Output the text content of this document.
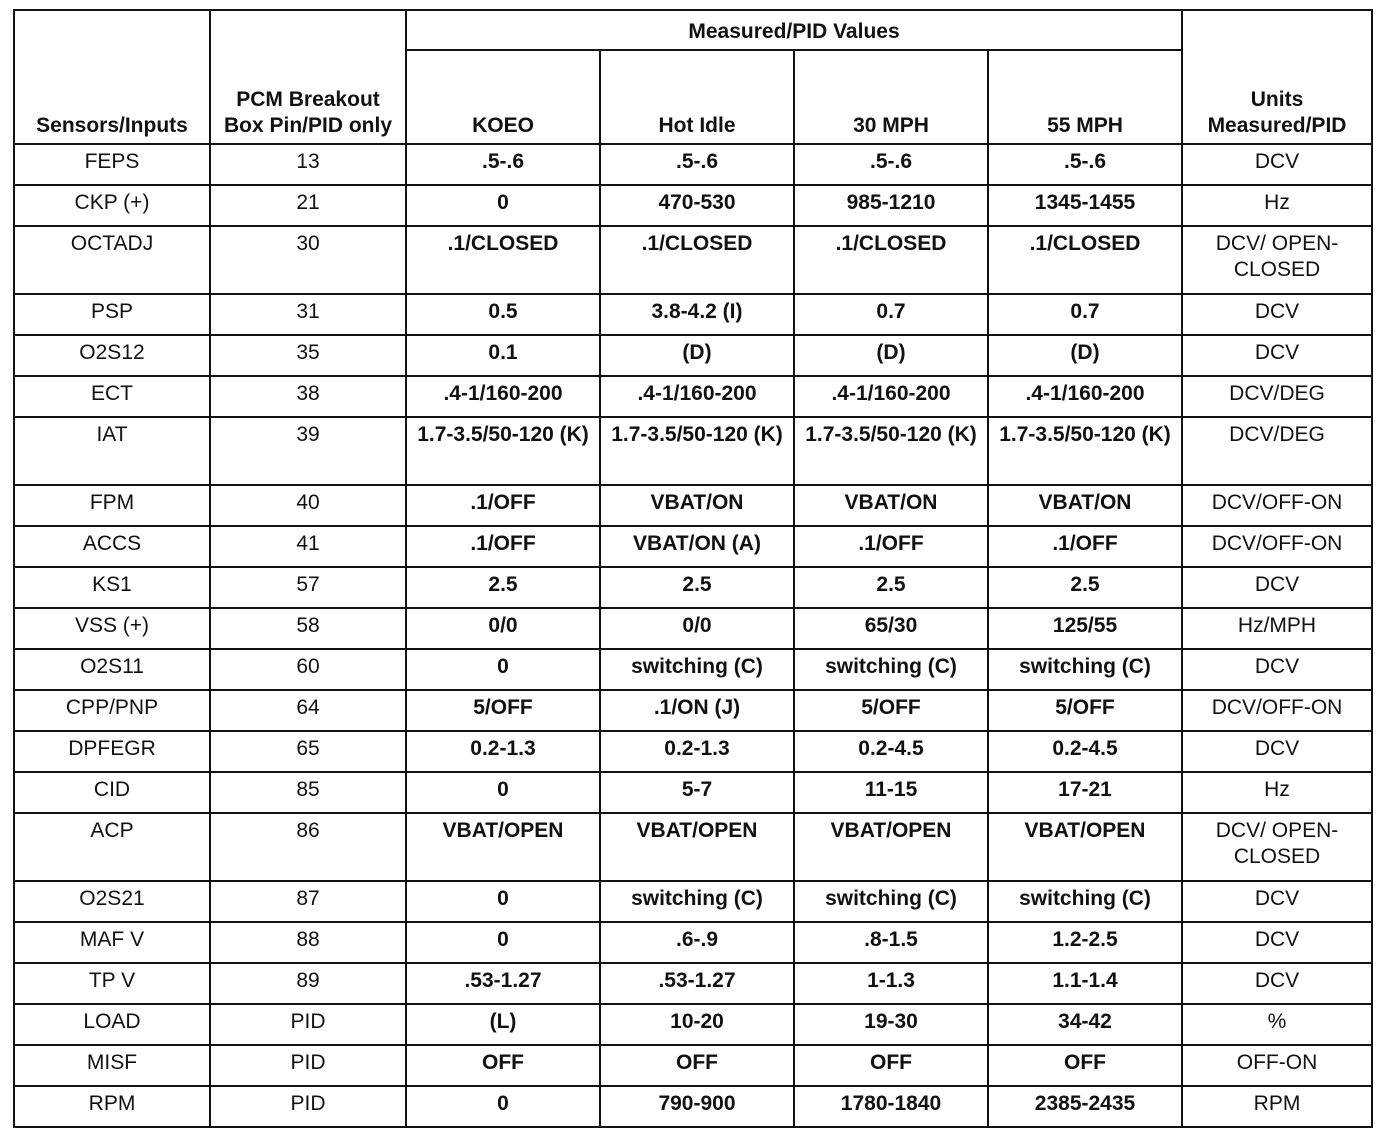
Sensors/Inputs	PCM Breakout Box Pin/PID only	Measured/PID Values				Units Measured/PID
		KOEO	Hot Idle	30 MPH	55 MPH	
FEPS	13	.5-.6	.5-.6	.5-.6	.5-.6	DCV
CKP (+)	21	0	470-530	985-1210	1345-1455	Hz
OCTADJ	30	.1/CLOSED	.1/CLOSED	.1/CLOSED	.1/CLOSED	DCV/ OPEN-CLOSED
PSP	31	0.5	3.8-4.2 (I)	0.7	0.7	DCV
O2S12	35	0.1	(D)	(D)	(D)	DCV
ECT	38	.4-1/160-200	.4-1/160-200	.4-1/160-200	.4-1/160-200	DCV/DEG
IAT	39	1.7-3.5/50-120 (K)	1.7-3.5/50-120 (K)	1.7-3.5/50-120 (K)	1.7-3.5/50-120 (K)	DCV/DEG
FPM	40	.1/OFF	VBAT/ON	VBAT/ON	VBAT/ON	DCV/OFF-ON
ACCS	41	.1/OFF	VBAT/ON (A)	.1/OFF	.1/OFF	DCV/OFF-ON
KS1	57	2.5	2.5	2.5	2.5	DCV
VSS (+)	58	0/0	0/0	65/30	125/55	Hz/MPH
O2S11	60	0	switching (C)	switching (C)	switching (C)	DCV
CPP/PNP	64	5/OFF	.1/ON (J)	5/OFF	5/OFF	DCV/OFF-ON
DPFEGR	65	0.2-1.3	0.2-1.3	0.2-4.5	0.2-4.5	DCV
CID	85	0	5-7	11-15	17-21	Hz
ACP	86	VBAT/OPEN	VBAT/OPEN	VBAT/OPEN	VBAT/OPEN	DCV/ OPEN-CLOSED
O2S21	87	0	switching (C)	switching (C)	switching (C)	DCV
MAF V	88	0	.6-.9	.8-1.5	1.2-2.5	DCV
TP V	89	.53-1.27	.53-1.27	1-1.3	1.1-1.4	DCV
LOAD	PID	(L)	10-20	19-30	34-42	%
MISF	PID	OFF	OFF	OFF	OFF	OFF-ON
RPM	PID	0	790-900	1780-1840	2385-2435	RPM
